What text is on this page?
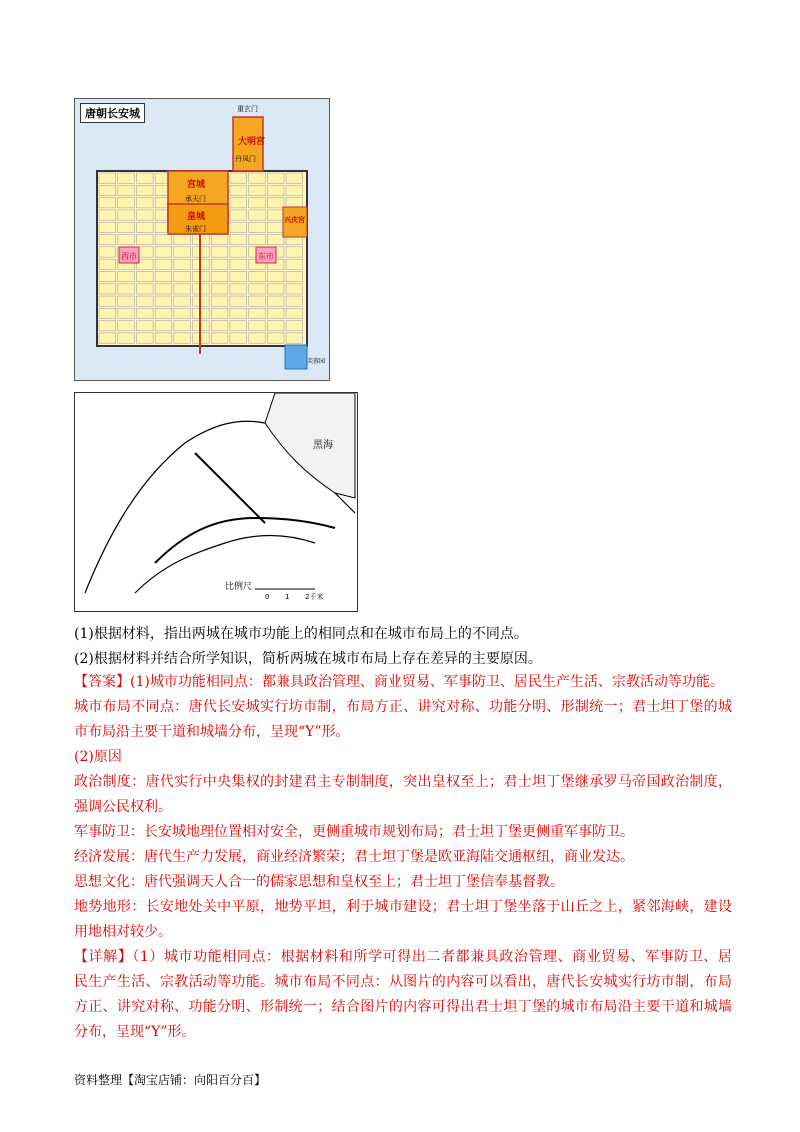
大明宫
丹凤门
宫城
承天门
皇城
朱雀门
兴庆宫
西市	东市
重玄门
芙蓉园
唐朝长安城
黑海
比例尺
0 1 2千米
(1)根据材料，指出两城在城市功能上的相同点和在城市布局上的不同点。
(2)根据材料并结合所学知识，简析两城在城市布局上存在差异的主要原因。
【答案】(1)城市功能相同点：都兼具政治管理、商业贸易、军事防卫、居民生产生活、宗教活动等功能。
城市布局不同点：唐代长安城实行坊市制，布局方正、讲究对称、功能分明、形制统一；君士坦丁堡的城
市布局沿主要干道和城墙分布，呈现“Y”形。
(2)原因
政治制度：唐代实行中央集权的封建君主专制制度，突出皇权至上；君士坦丁堡继承罗马帝国政治制度，
强调公民权利。
军事防卫：长安城地理位置相对安全，更侧重城市规划布局；君士坦丁堡更侧重军事防卫。
经济发展：唐代生产力发展，商业经济繁荣；君士坦丁堡是欧亚海陆交通枢纽，商业发达。
思想文化：唐代强调天人合一的儒家思想和皇权至上；君士坦丁堡信奉基督教。
地势地形：长安地处关中平原，地势平坦，利于城市建设；君士坦丁堡坐落于山丘之上，紧邻海峡，建设
用地相对较少。
【详解】（1）城市功能相同点：根据材料和所学可得出二者都兼具政治管理、商业贸易、军事防卫、居
民生产生活、宗教活动等功能。城市布局不同点：从图片的内容可以看出，唐代长安城实行坊市制，布局
方正、讲究对称、功能分明、形制统一；结合图片的内容可得出君士坦丁堡的城市布局沿主要干道和城墙
分布，呈现“Y”形。
资料整理【淘宝店铺：向阳百分百】
